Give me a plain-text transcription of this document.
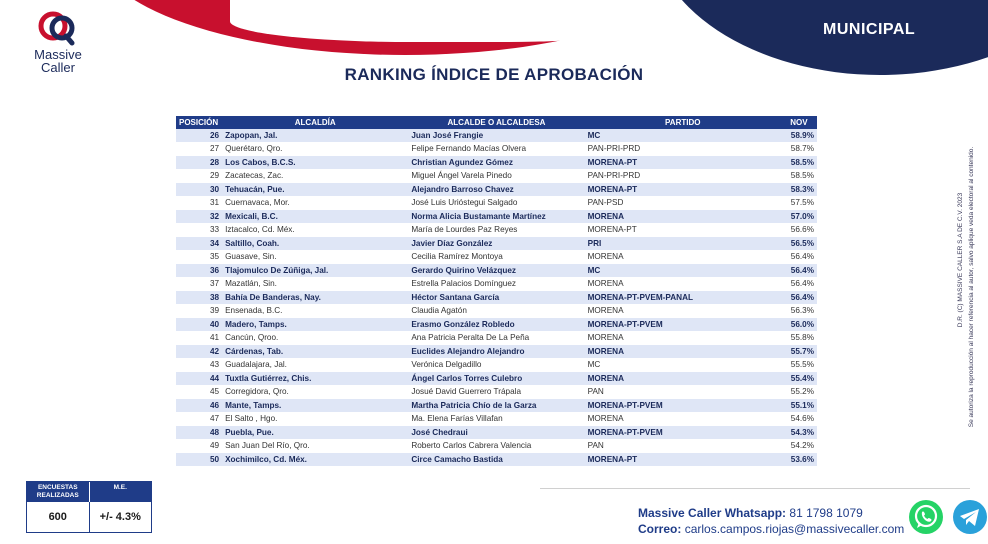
Última encuesta elaborada: 19 DE NOVIEMBRE 2024	MUNICIPAL
Massive
Caller	RANKING ÍNDICE DE APROBACIÓN
POSICIÓN	ALCALDÍA	ALCALDE O ALCALDESA	PARTIDO	NOV
26	Zapopan, Jal.	Juan José Frangie	MC	58.9%
27	Querétaro, Qro.	Felipe Fernando Macías Olvera	PAN-PRI-PRD	58.7%
28	Los Cabos, B.C.S.	Christian Agundez Gómez	MORENA-PT	58.5%
29	Zacatecas, Zac.	Miguel Ángel Varela Pinedo	PAN-PRI-PRD	58.5%
30	Tehuacán, Pue.	Alejandro Barroso Chavez	MORENA-PT	58.3%
31	Cuernavaca, Mor.	José Luis Urióstegui Salgado	PAN-PSD	57.5%
32	Mexicali, B.C.	Norma Alicia Bustamante Martínez	MORENA	57.0%
33	Iztacalco, Cd. Méx.	María de Lourdes Paz Reyes	MORENA-PT	56.6%
34	Saltillo, Coah.	Javier Díaz González	PRI	56.5%
35	Guasave, Sin.	Cecilia Ramírez Montoya	MORENA	56.4%
36	Tlajomulco De Zúñiga, Jal.	Gerardo Quirino Velázquez	MC	56.4%
37	Mazatlán, Sin.	Estrella Palacios Domínguez	MORENA	56.4%
38	Bahía De Banderas, Nay.	Héctor Santana García	MORENA-PT-PVEM-PANAL	56.4%
39	Ensenada, B.C.	Claudia Agatón	MORENA	56.3%
40	Madero, Tamps.	Erasmo González Robledo	MORENA-PT-PVEM	56.0%
41	Cancún, Qroo.	Ana Patricia Peralta De La Peña	MORENA	55.8%
42	Cárdenas, Tab.	Euclides Alejandro Alejandro	MORENA	55.7%
43	Guadalajara, Jal.	Verónica Delgadillo	MC	55.5%
44	Tuxtla Gutiérrez, Chis.	Ángel Carlos Torres Culebro	MORENA	55.4%
45	Corregidora, Qro.	Josué David Guerrero Trápala	PAN	55.2%
46	Mante, Tamps.	Martha Patricia Chío de la Garza	MORENA-PT-PVEM	55.1%
47	El Salto , Hgo.	Ma. Elena Farías Villafan	MORENA	54.6%
48	Puebla, Pue.	José Chedraui	MORENA-PT-PVEM	54.3%
49	San Juan Del Río, Qro.	Roberto Carlos Cabrera Valencia	PAN	54.2%
50	Xochimilco, Cd. Méx.	Circe Camacho Bastida	MORENA-PT	53.6%
Se autoriza la reproducción al hacer referencia al autor, salvo aplique veda electoral al contenido.
D.R. (C) MASSIVE CALLER S.A DE C.V. 2023
ENCUESTAS REALIZADAS
M.E.
600	+/- 4.3%	Massive Caller Whatsapp: 81 1798 1079
Correo: carlos.campos.riojas@massivecaller.com
